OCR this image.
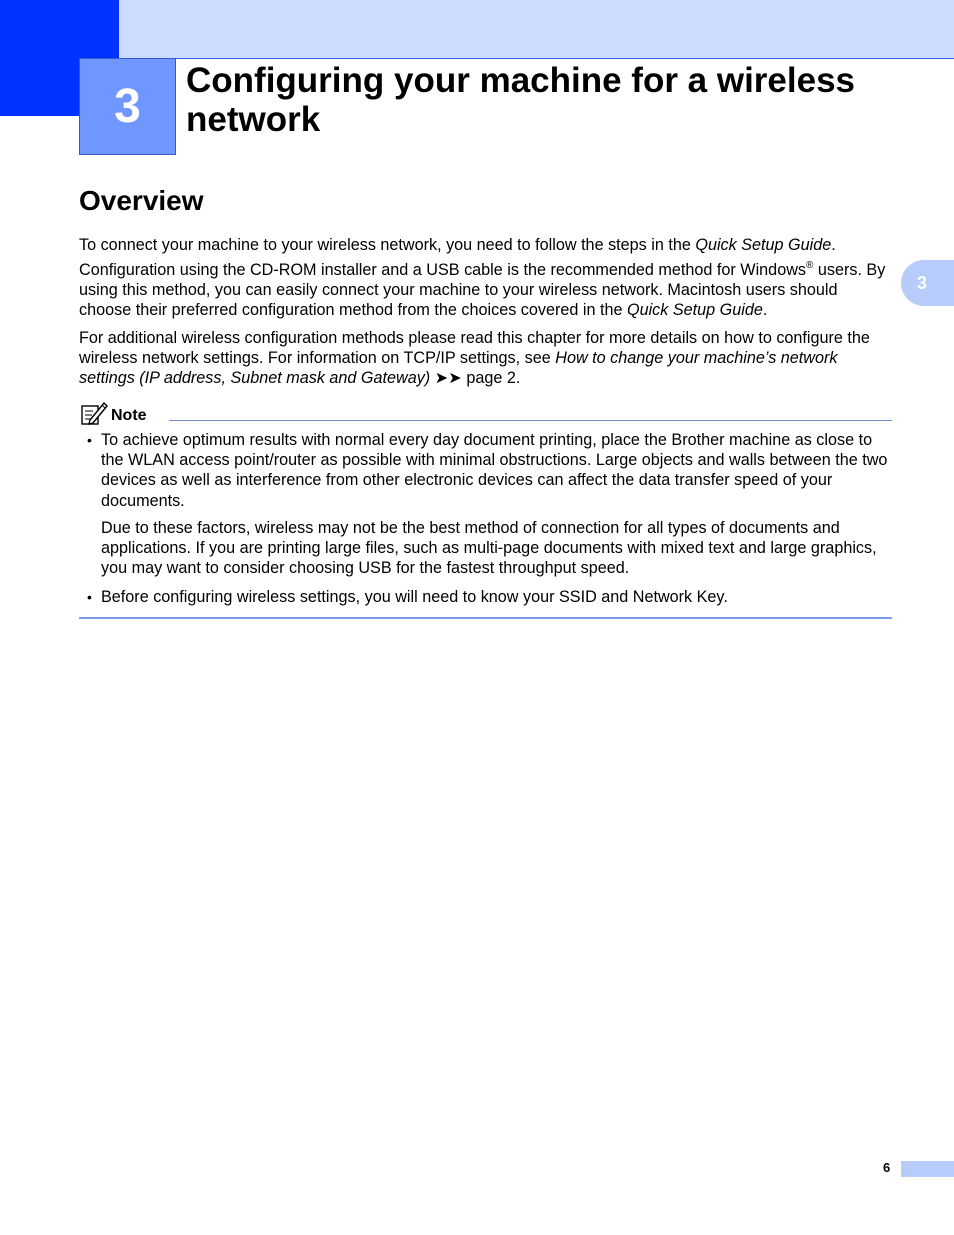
3 Configuring your machine for a wireless network
3
Overview

To connect your machine to your wireless network, you need to follow the steps in the Quick Setup Guide.

Configuration using the CD-ROM installer and a USB cable is the recommended method for Windows® users. By using this method, you can easily connect your machine to your wireless network. Macintosh users should choose their preferred configuration method from the choices covered in the Quick Setup Guide.

For additional wireless configuration methods please read this chapter for more details on how to configure the wireless network settings. For information on TCP/IP settings, see How to change your machine’s network settings (IP address, Subnet mask and Gateway) ➤➤ page 2.

Note
• To achieve optimum results with normal every day document printing, place the Brother machine as close to the WLAN access point/router as possible with minimal obstructions. Large objects and walls between the two devices as well as interference from other electronic devices can affect the data transfer speed of your documents.

Due to these factors, wireless may not be the best method of connection for all types of documents and applications. If you are printing large files, such as multi-page documents with mixed text and large graphics, you may want to consider choosing USB for the fastest throughput speed.

• Before configuring wireless settings, you will need to know your SSID and Network Key.

6
